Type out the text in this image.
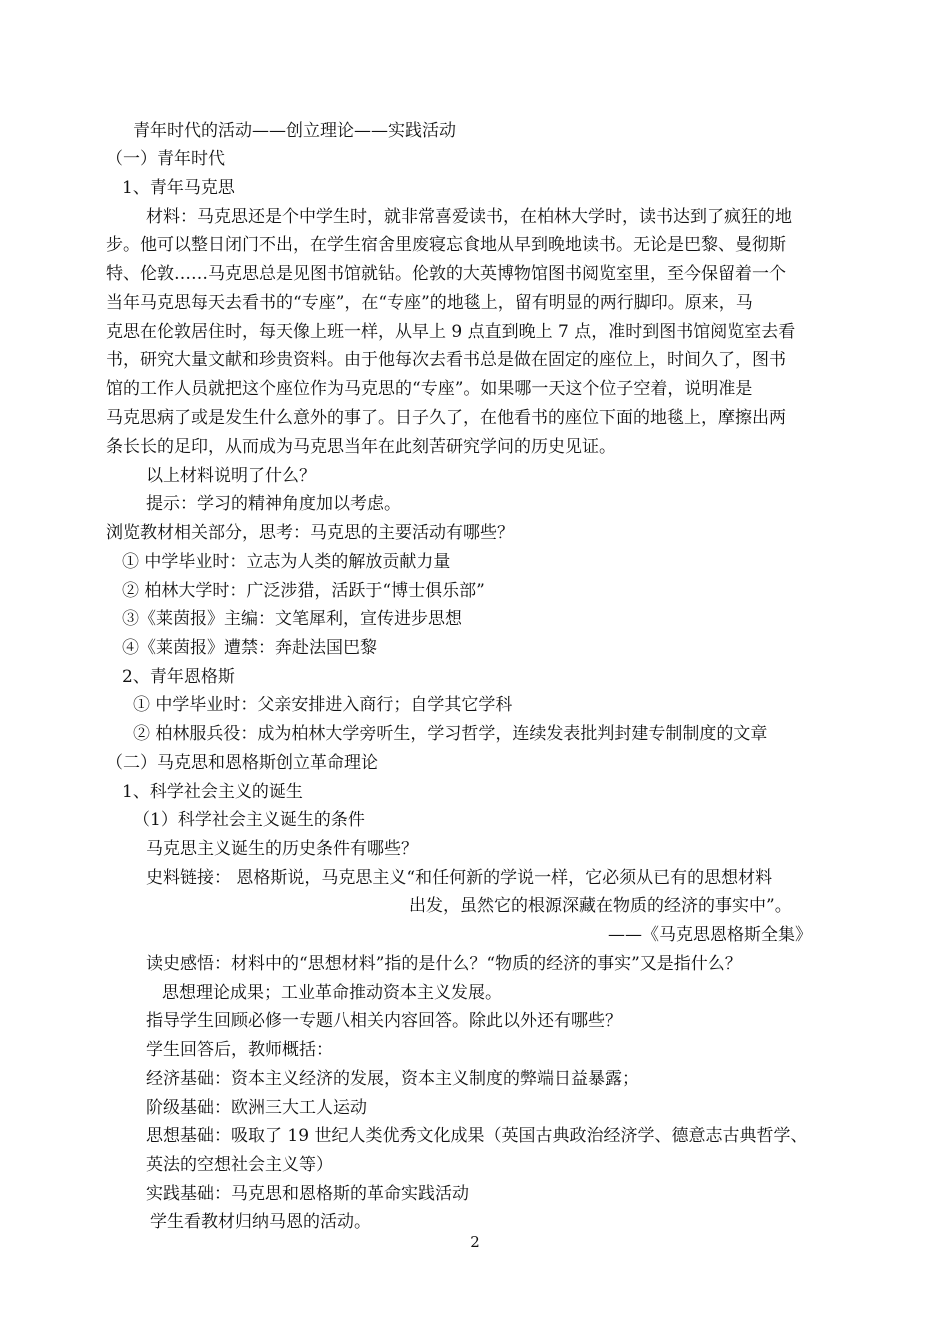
青年时代的活动——创立理论——实践活动

（一）青年时代

1、青年马克思

材料：马克思还是个中学生时，就非常喜爱读书，在柏林大学时，读书达到了疯狂的地

步。他可以整日闭门不出，在学生宿舍里废寝忘食地从早到晚地读书。无论是巴黎、曼彻斯

特、伦敦……马克思总是见图书馆就钻。伦敦的大英博物馆图书阅览室里，至今保留着一个

当年马克思每天去看书的“专座”，在“专座”的地毯上，留有明显的两行脚印。原来，马

克思在伦敦居住时，每天像上班一样，从早上 9 点直到晚上 7 点，准时到图书馆阅览室去看

书，研究大量文献和珍贵资料。由于他每次去看书总是做在固定的座位上，时间久了，图书

馆的工作人员就把这个座位作为马克思的“专座”。如果哪一天这个位子空着，说明准是

马克思病了或是发生什么意外的事了。日子久了，在他看书的座位下面的地毯上，摩擦出两

条长长的足印，从而成为马克思当年在此刻苦研究学问的历史见证。

以上材料说明了什么？

提示：学习的精神角度加以考虑。

浏览教材相关部分，思考：马克思的主要活动有哪些？

① 中学毕业时：立志为人类的解放贡献力量

② 柏林大学时：广泛涉猎，活跃于“博士俱乐部”

③《莱茵报》主编：文笔犀利，宣传进步思想

④《莱茵报》遭禁：奔赴法国巴黎

2、青年恩格斯

① 中学毕业时：父亲安排进入商行；自学其它学科

② 柏林服兵役：成为柏林大学旁听生，学习哲学，连续发表批判封建专制制度的文章

（二）马克思和恩格斯创立革命理论

1、科学社会主义的诞生

（1）科学社会主义诞生的条件

马克思主义诞生的历史条件有哪些？

史料链接： 恩格斯说，马克思主义“和任何新的学说一样，它必须从已有的思想材料

出发，虽然它的根源深藏在物质的经济的事实中”。

——《马克思恩格斯全集》

读史感悟：材料中的“思想材料”指的是什么？“物质的经济的事实”又是指什么？

思想理论成果；工业革命推动资本主义发展。

指导学生回顾必修一专题八相关内容回答。除此以外还有哪些？

学生回答后，教师概括：

经济基础：资本主义经济的发展，资本主义制度的弊端日益暴露；

阶级基础：欧洲三大工人运动

思想基础：吸取了 19 世纪人类优秀文化成果（英国古典政治经济学、德意志古典哲学、

英法的空想社会主义等）

实践基础：马克思和恩格斯的革命实践活动

学生看教材归纳马恩的活动。

2
